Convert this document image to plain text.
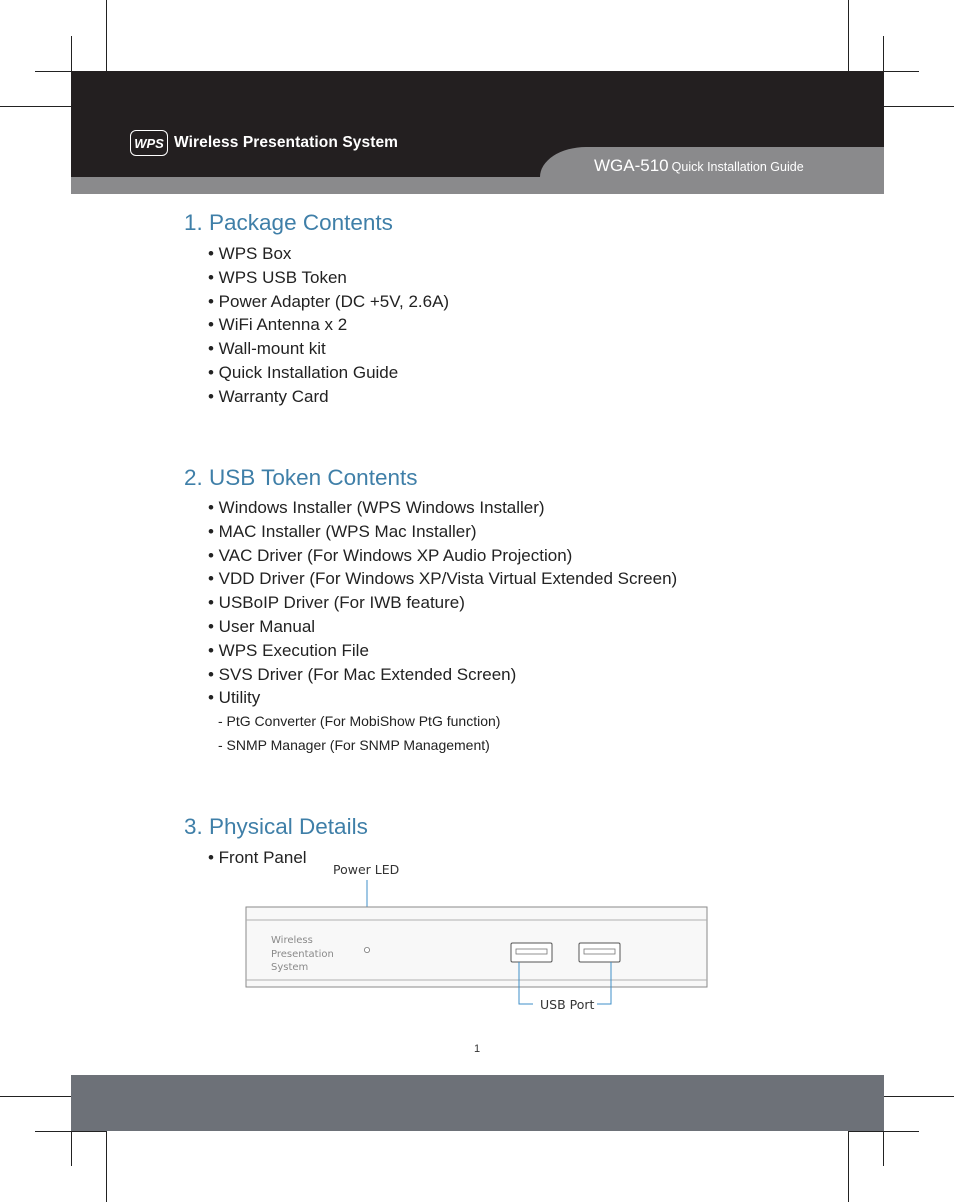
WPS Wireless Presentation System
WGA-510 Quick Installation Guide
1. Package Contents
• WPS Box
• WPS USB Token
• Power Adapter (DC +5V, 2.6A)
• WiFi Antenna x 2
• Wall-mount kit
• Quick Installation Guide
• Warranty Card
2. USB Token Contents
• Windows Installer (WPS Windows Installer)
• MAC Installer (WPS Mac Installer)
• VAC Driver (For Windows XP Audio Projection)
• VDD Driver (For Windows XP/Vista Virtual Extended Screen)
• USBoIP Driver (For IWB feature)
• User Manual
• WPS Execution File
• SVS Driver (For Mac Extended Screen)
• Utility
- PtG Converter (For MobiShow PtG function)
- SNMP Manager (For SNMP Management)
3. Physical Details
• Front Panel
Power LED
Wireless
Presentation
System
USB Port
1
